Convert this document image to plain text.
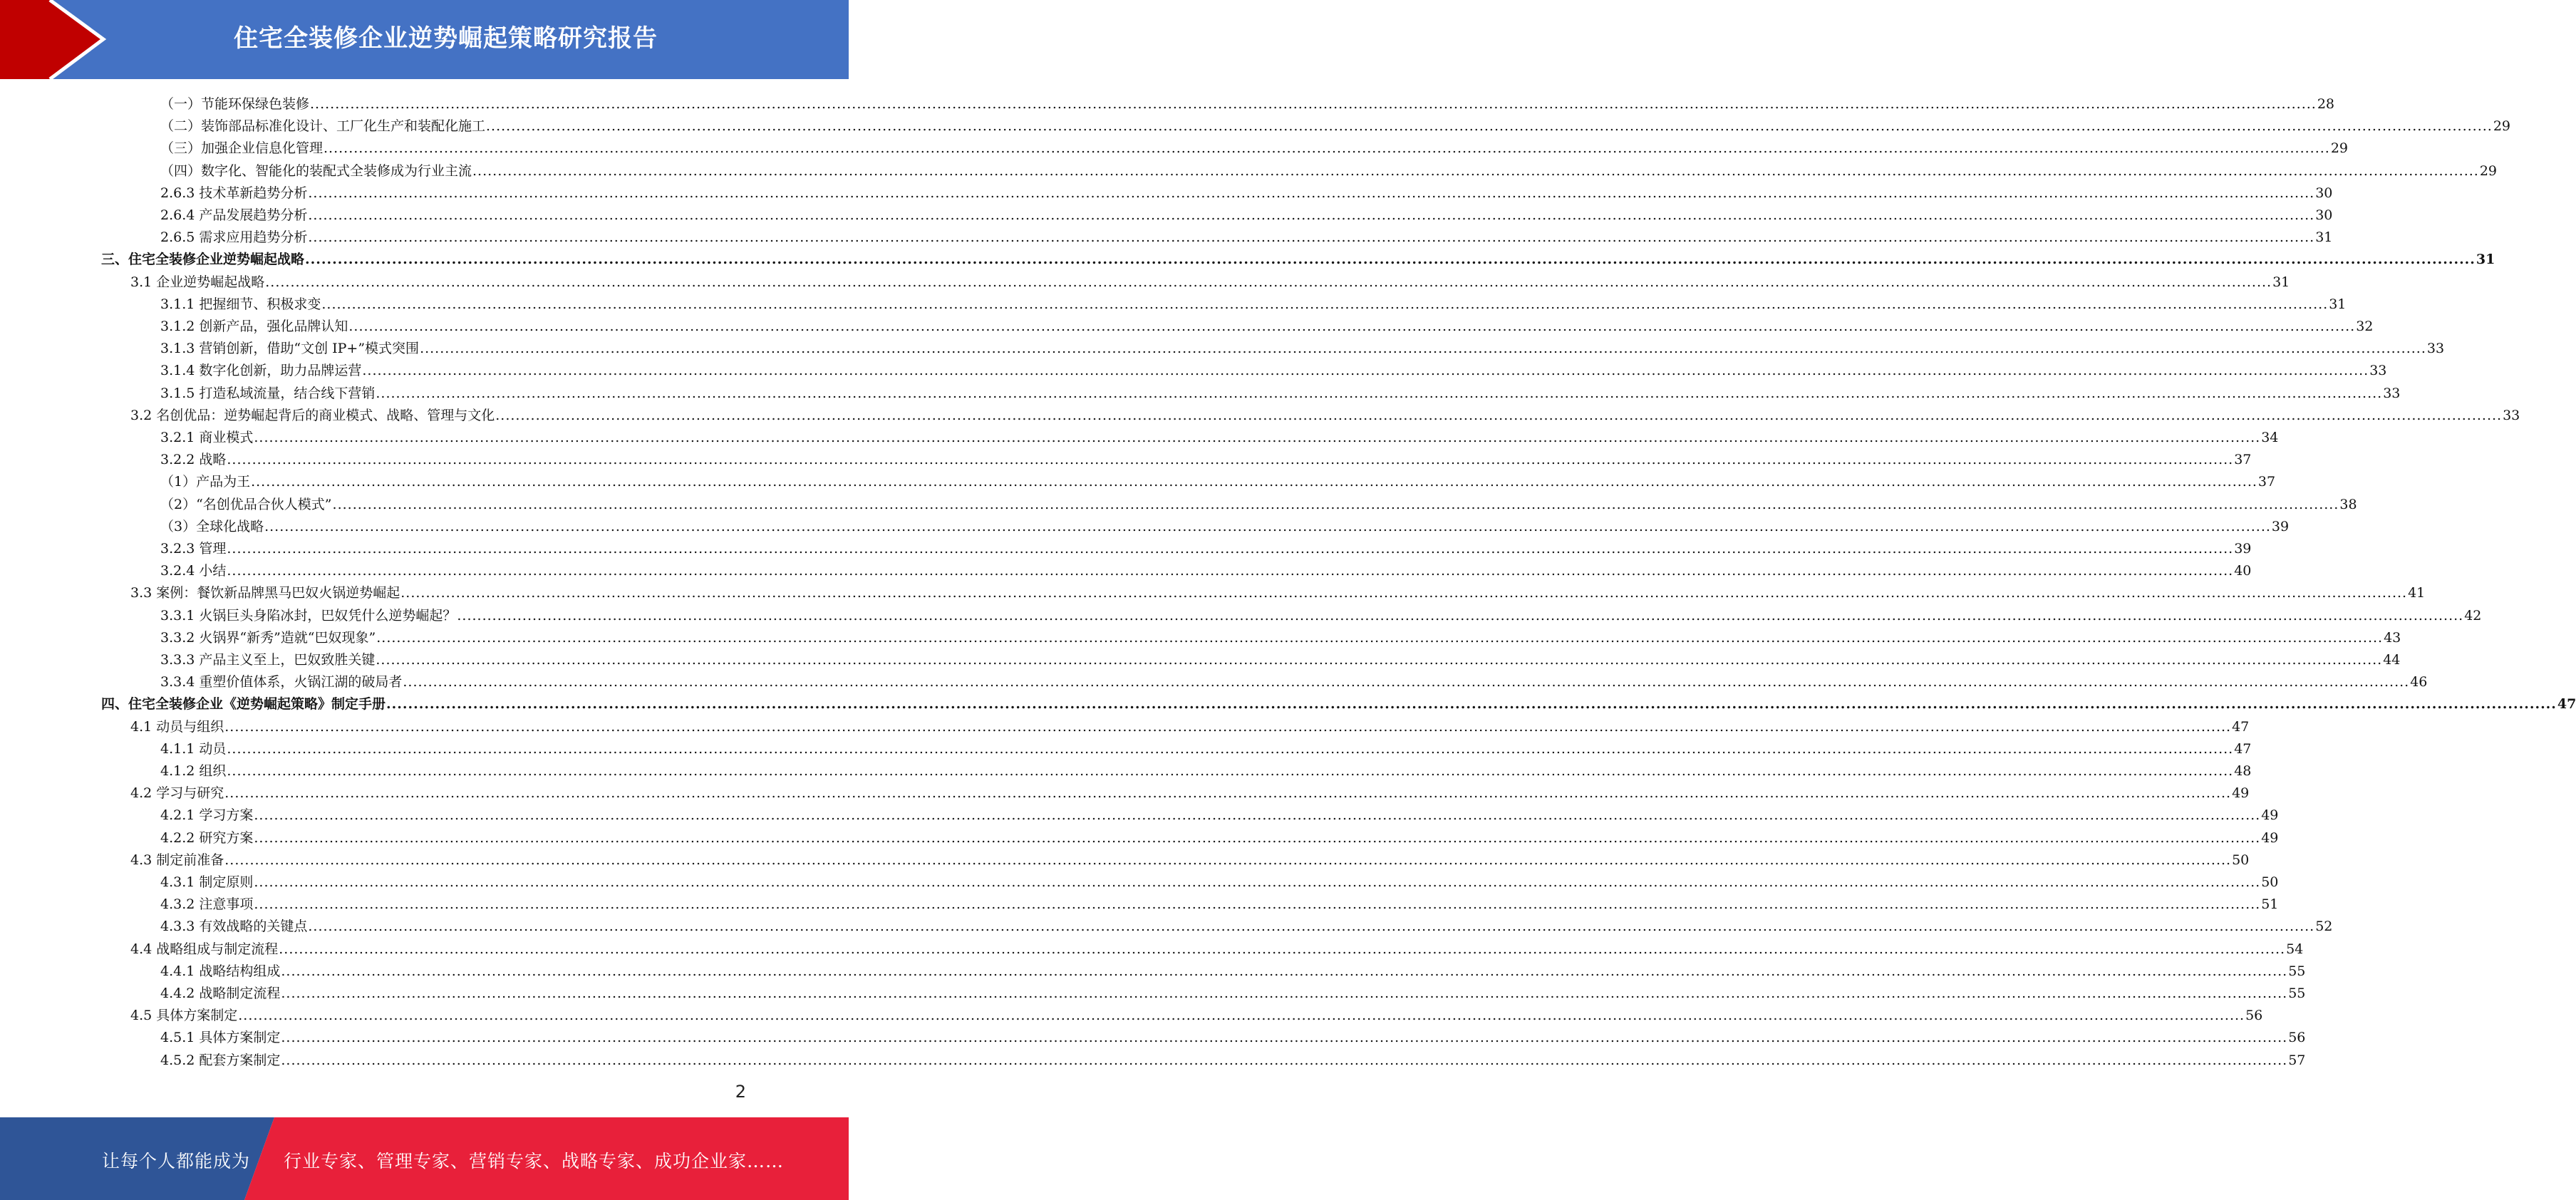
住宅全装修企业逆势崛起策略研究报告
（一）节能环保绿色装修 ................................................................................................................................................................................................................................................................................................................................................................................................................ 28
（二）装饰部品标准化设计、工厂化生产和装配化施工 ................................................................................................................................................................................................................................................................................................................................................................................................................ 29
（三）加强企业信息化管理 ................................................................................................................................................................................................................................................................................................................................................................................................................ 29
（四）数字化、智能化的装配式全装修成为行业主流 ................................................................................................................................................................................................................................................................................................................................................................................................................ 29
2.6.3 技术革新趋势分析 ................................................................................................................................................................................................................................................................................................................................................................................................................ 30
2.6.4 产品发展趋势分析 ................................................................................................................................................................................................................................................................................................................................................................................................................ 30
2.6.5 需求应用趋势分析 ................................................................................................................................................................................................................................................................................................................................................................................................................ 31
三、住宅全装修企业逆势崛起战略 ................................................................................................................................................................................................................................................................................................................................................................................................................ 31
3.1 企业逆势崛起战略 ................................................................................................................................................................................................................................................................................................................................................................................................................ 31
3.1.1 把握细节、积极求变 ................................................................................................................................................................................................................................................................................................................................................................................................................ 31
3.1.2 创新产品，强化品牌认知 ................................................................................................................................................................................................................................................................................................................................................................................................................ 32
3.1.3 营销创新，借助“文创 IP+”模式突围 ................................................................................................................................................................................................................................................................................................................................................................................................................ 33
3.1.4 数字化创新，助力品牌运营 ................................................................................................................................................................................................................................................................................................................................................................................................................ 33
3.1.5 打造私域流量，结合线下营销 ................................................................................................................................................................................................................................................................................................................................................................................................................ 33
3.2 名创优品：逆势崛起背后的商业模式、战略、管理与文化 ................................................................................................................................................................................................................................................................................................................................................................................................................ 33
3.2.1 商业模式 ................................................................................................................................................................................................................................................................................................................................................................................................................ 34
3.2.2 战略 ................................................................................................................................................................................................................................................................................................................................................................................................................ 37
（1）产品为王 ................................................................................................................................................................................................................................................................................................................................................................................................................ 37
（2）“名创优品合伙人模式” ................................................................................................................................................................................................................................................................................................................................................................................................................ 38
（3）全球化战略 ................................................................................................................................................................................................................................................................................................................................................................................................................ 39
3.2.3 管理 ................................................................................................................................................................................................................................................................................................................................................................................................................ 39
3.2.4 小结 ................................................................................................................................................................................................................................................................................................................................................................................................................ 40
3.3 案例：餐饮新品牌黑马巴奴火锅逆势崛起 ................................................................................................................................................................................................................................................................................................................................................................................................................ 41
3.3.1 火锅巨头身陷冰封，巴奴凭什么逆势崛起？ ................................................................................................................................................................................................................................................................................................................................................................................................................ 42
3.3.2 火锅界“新秀”造就“巴奴现象” ................................................................................................................................................................................................................................................................................................................................................................................................................ 43
3.3.3 产品主义至上，巴奴致胜关键 ................................................................................................................................................................................................................................................................................................................................................................................................................ 44
3.3.4 重塑价值体系，火锅江湖的破局者 ................................................................................................................................................................................................................................................................................................................................................................................................................ 46
四、住宅全装修企业《逆势崛起策略》制定手册 ................................................................................................................................................................................................................................................................................................................................................................................................................ 47
4.1 动员与组织 ................................................................................................................................................................................................................................................................................................................................................................................................................ 47
4.1.1 动员 ................................................................................................................................................................................................................................................................................................................................................................................................................ 47
4.1.2 组织 ................................................................................................................................................................................................................................................................................................................................................................................................................ 48
4.2 学习与研究 ................................................................................................................................................................................................................................................................................................................................................................................................................ 49
4.2.1 学习方案 ................................................................................................................................................................................................................................................................................................................................................................................................................ 49
4.2.2 研究方案 ................................................................................................................................................................................................................................................................................................................................................................................................................ 49
4.3 制定前准备 ................................................................................................................................................................................................................................................................................................................................................................................................................ 50
4.3.1 制定原则 ................................................................................................................................................................................................................................................................................................................................................................................................................ 50
4.3.2 注意事项 ................................................................................................................................................................................................................................................................................................................................................................................................................ 51
4.3.3 有效战略的关键点 ................................................................................................................................................................................................................................................................................................................................................................................................................ 52
4.4 战略组成与制定流程 ................................................................................................................................................................................................................................................................................................................................................................................................................ 54
4.4.1 战略结构组成 ................................................................................................................................................................................................................................................................................................................................................................................................................ 55
4.4.2 战略制定流程 ................................................................................................................................................................................................................................................................................................................................................................................................................ 55
4.5 具体方案制定 ................................................................................................................................................................................................................................................................................................................................................................................................................ 56
4.5.1 具体方案制定 ................................................................................................................................................................................................................................................................................................................................................................................................................ 56
4.5.2 配套方案制定 ................................................................................................................................................................................................................................................................................................................................................................................................................ 57
2
让每个人都能成为 行业专家、管理专家、营销专家、战略专家、成功企业家……
